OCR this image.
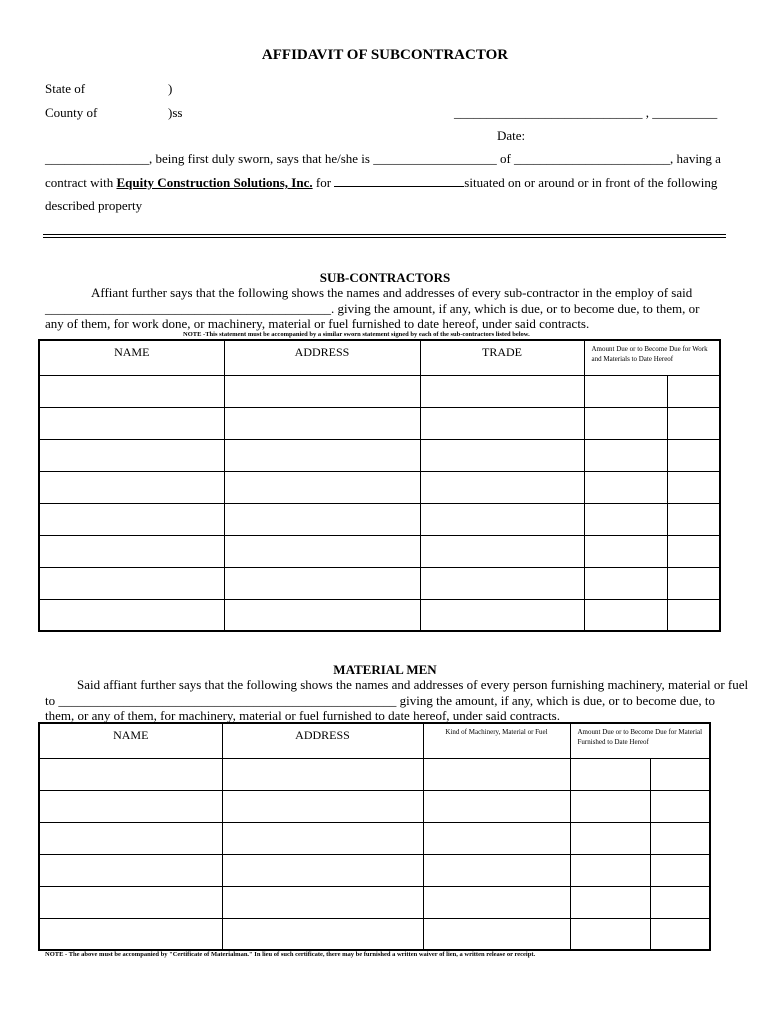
AFFIDAVIT OF SUBCONTRACTOR
State of	)
County of	)ss	_____________________________ , __________
Date:
________________, being first duly sworn, says that he/she is ___________________ of ________________________, having a
contract with Equity Construction Solutions, Inc. for	situated on or around or in front of the following
described property
SUB-CONTRACTORS
Affiant further says that the following shows the names and addresses of every sub-contractor in the employ of said
____________________________________________. giving the amount, if any, which is due, or to become due, to them, or
any of them, for work done, or machinery, material or fuel furnished to date hereof, under said contracts.
NOTE -This statement must be accompanied by a similar sworn statement signed by each of the sub-contractors listed below.
NAME	ADDRESS	TRADE	Amount Due or to Become Due for Work and Materials to Date Hereof	

MATERIAL MEN
Said affiant further says that the following shows the names and addresses of every person furnishing machinery, material or fuel
to ____________________________________________________ giving the amount, if any, which is due, or to become due, to
them, or any of them, for machinery, material or fuel furnished to date hereof, under said contracts.
NAME	ADDRESS	Kind of Machinery, Material or Fuel	Amount Due or to Become Due for Material Furnished to Date Hereof	

NOTE - The above must be accompanied by "Certificate of Materialman." In lieu of such certificate, there may be furnished a written waiver of lien, a written release or receipt.
